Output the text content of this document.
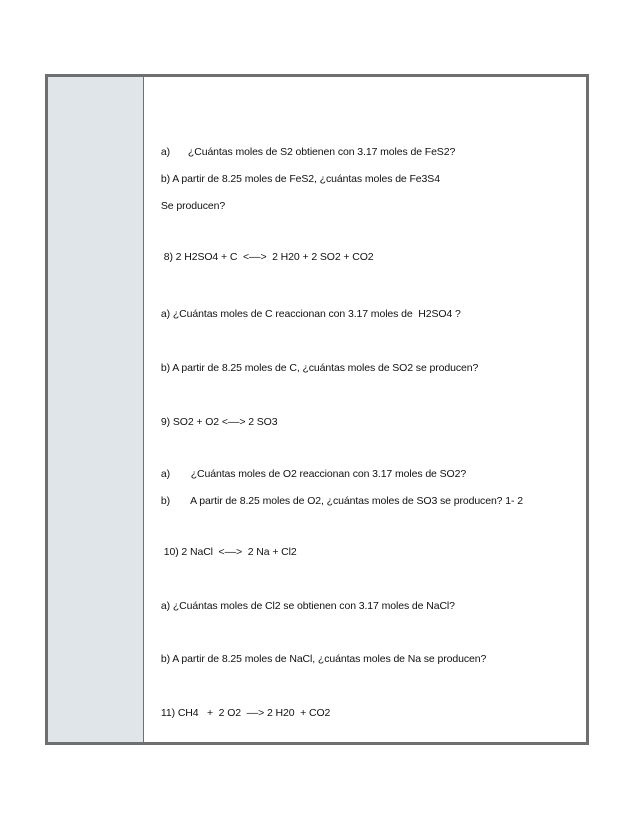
a) ¿Cuántas moles de S2 obtienen con 3.17 moles de FeS2?

b) A partir de 8.25 moles de FeS2, ¿cuántas moles de Fe3S4

Se producen?

8) 2 H2SO4 + C  <––>  2 H20 + 2 SO2 + CO2

a) ¿Cuántas moles de C reaccionan con 3.17 moles de  H2SO4 ?

b) A partir de 8.25 moles de C, ¿cuántas moles de SO2 se producen?

9) SO2 + O2 <––> 2 SO3

a) ¿Cuántas moles de O2 reaccionan con 3.17 moles de SO2?

b) A partir de 8.25 moles de O2, ¿cuántas moles de SO3 se producen? 1- 2

10) 2 NaCl  <––>  2 Na + Cl2

a) ¿Cuántas moles de Cl2 se obtienen con 3.17 moles de NaCl?

b) A partir de 8.25 moles de NaCl, ¿cuántas moles de Na se producen?

11) CH4   +  2 O2  ––> 2 H20  + CO2
